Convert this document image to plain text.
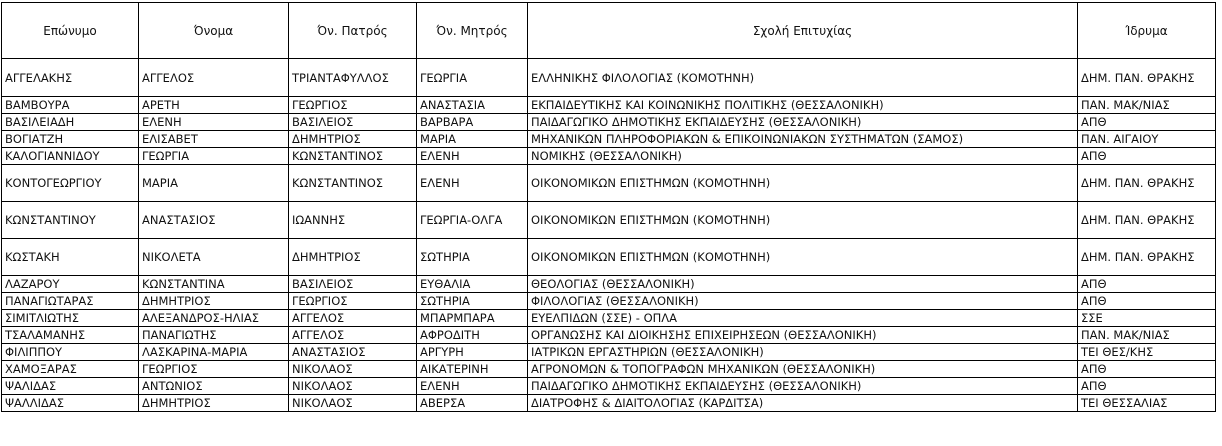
Επώνυμο	Όνομα	Όν. Πατρός	Όν. Μητρός	Σχολή Επιτυχίας	Ίδρυμα
ΑΓΓΕΛΑΚΗΣ	ΑΓΓΕΛΟΣ	ΤΡΙΑΝΤΑΦΥΛΛΟΣ	ΓΕΩΡΓΙΑ	ΕΛΛΗΝΙΚΗΣ ΦΙΛΟΛΟΓΙΑΣ (ΚΟΜΟΤΗΝΗ)	ΔΗΜ. ΠΑΝ. ΘΡΑΚΗΣ
ΒΑΜΒΟΥΡΑ	ΑΡΕΤΗ	ΓΕΩΡΓΙΟΣ	ΑΝΑΣΤΑΣΙΑ	ΕΚΠΑΙΔΕΥΤΙΚΗΣ ΚΑΙ ΚΟΙΝΩΝΙΚΗΣ ΠΟΛΙΤΙΚΗΣ (ΘΕΣΣΑΛΟΝΙΚΗ)	ΠΑΝ. ΜΑΚ/ΝΙΑΣ
ΒΑΣΙΛΕΙΑΔΗ	ΕΛΕΝΗ	ΒΑΣΙΛΕΙΟΣ	ΒΑΡΒΑΡΑ	ΠΑΙΔΑΓΩΓΙΚΟ ΔΗΜΟΤΙΚΗΣ ΕΚΠΑΙΔΕΥΣΗΣ (ΘΕΣΣΑΛΟΝΙΚΗ)	ΑΠΘ
ΒΟΓΙΑΤΖΗ	ΕΛΙΣΑΒΕΤ	ΔΗΜΗΤΡΙΟΣ	ΜΑΡΙΑ	ΜΗΧΑΝΙΚΩΝ ΠΛΗΡΟΦΟΡΙΑΚΩΝ & ΕΠΙΚΟΙΝΩΝΙΑΚΩΝ ΣΥΣΤΗΜΑΤΩΝ (ΣΑΜΟΣ)	ΠΑΝ. ΑΙΓΑΙΟΥ
ΚΑΛΟΓΙΑΝΝΙΔΟΥ	ΓΕΩΡΓΙΑ	ΚΩΝΣΤΑΝΤΙΝΟΣ	ΕΛΕΝΗ	ΝΟΜΙΚΗΣ (ΘΕΣΣΑΛΟΝΙΚΗ)	ΑΠΘ
ΚΟΝΤΟΓΕΩΡΓΙΟΥ	ΜΑΡΙΑ	ΚΩΝΣΤΑΝΤΙΝΟΣ	ΕΛΕΝΗ	ΟΙΚΟΝΟΜΙΚΩΝ ΕΠΙΣΤΗΜΩΝ (ΚΟΜΟΤΗΝΗ)	ΔΗΜ. ΠΑΝ. ΘΡΑΚΗΣ
ΚΩΝΣΤΑΝΤΙΝΟΥ	ΑΝΑΣΤΑΣΙΟΣ	ΙΩΑΝΝΗΣ	ΓΕΩΡΓΙΑ-ΟΛΓΑ	ΟΙΚΟΝΟΜΙΚΩΝ ΕΠΙΣΤΗΜΩΝ (ΚΟΜΟΤΗΝΗ)	ΔΗΜ. ΠΑΝ. ΘΡΑΚΗΣ
ΚΩΣΤΑΚΗ	ΝΙΚΟΛΕΤΑ	ΔΗΜΗΤΡΙΟΣ	ΣΩΤΗΡΙΑ	ΟΙΚΟΝΟΜΙΚΩΝ ΕΠΙΣΤΗΜΩΝ (ΚΟΜΟΤΗΝΗ)	ΔΗΜ. ΠΑΝ. ΘΡΑΚΗΣ
ΛΑΖΑΡΟΥ	ΚΩΝΣΤΑΝΤΙΝΑ	ΒΑΣΙΛΕΙΟΣ	ΕΥΘΑΛΙΑ	ΘΕΟΛΟΓΙΑΣ (ΘΕΣΣΑΛΟΝΙΚΗ)	ΑΠΘ
ΠΑΝΑΓΙΩΤΑΡΑΣ	ΔΗΜΗΤΡΙΟΣ	ΓΕΩΡΓΙΟΣ	ΣΩΤΗΡΙΑ	ΦΙΛΟΛΟΓΙΑΣ (ΘΕΣΣΑΛΟΝΙΚΗ)	ΑΠΘ
ΣΙΜΙΤΛΙΩΤΗΣ	ΑΛΕΞΑΝΔΡΟΣ-ΗΛΙΑΣ	ΑΓΓΕΛΟΣ	ΜΠΑΡΜΠΑΡΑ	ΕΥΕΛΠΙΔΩΝ (ΣΣΕ) - ΟΠΛΑ	ΣΣΕ
ΤΣΑΛΑΜΑΝΗΣ	ΠΑΝΑΓΙΩΤΗΣ	ΑΓΓΕΛΟΣ	ΑΦΡΟΔΙΤΗ	ΟΡΓΑΝΩΣΗΣ ΚΑΙ ΔΙΟΙΚΗΣΗΣ ΕΠΙΧΕΙΡΗΣΕΩΝ (ΘΕΣΣΑΛΟΝΙΚΗ)	ΠΑΝ. ΜΑΚ/ΝΙΑΣ
ΦΙΛΙΠΠΟΥ	ΛΑΣΚΑΡΙΝΑ-ΜΑΡΙΑ	ΑΝΑΣΤΑΣΙΟΣ	ΑΡΓΥΡΗ	ΙΑΤΡΙΚΩΝ ΕΡΓΑΣΤΗΡΙΩΝ (ΘΕΣΣΑΛΟΝΙΚΗ)	ΤΕΙ ΘΕΣ/ΚΗΣ
ΧΑΜΟΞΑΡΑΣ	ΓΕΩΡΓΙΟΣ	ΝΙΚΟΛΑΟΣ	ΑΙΚΑΤΕΡΙΝΗ	ΑΓΡΟΝΟΜΩΝ & ΤΟΠΟΓΡΑΦΩΝ ΜΗΧΑΝΙΚΩΝ (ΘΕΣΣΑΛΟΝΙΚΗ)	ΑΠΘ
ΨΑΛΙΔΑΣ	ΑΝΤΩΝΙΟΣ	ΝΙΚΟΛΑΟΣ	ΕΛΕΝΗ	ΠΑΙΔΑΓΩΓΙΚΟ ΔΗΜΟΤΙΚΗΣ ΕΚΠΑΙΔΕΥΣΗΣ (ΘΕΣΣΑΛΟΝΙΚΗ)	ΑΠΘ
ΨΑΛΛΙΔΑΣ	ΔΗΜΗΤΡΙΟΣ	ΝΙΚΟΛΑΟΣ	ΑΒΕΡΣΑ	ΔΙΑΤΡΟΦΗΣ & ΔΙΑΙΤΟΛΟΓΙΑΣ (ΚΑΡΔΙΤΣΑ)	ΤΕΙ ΘΕΣΣΑΛΙΑΣ
